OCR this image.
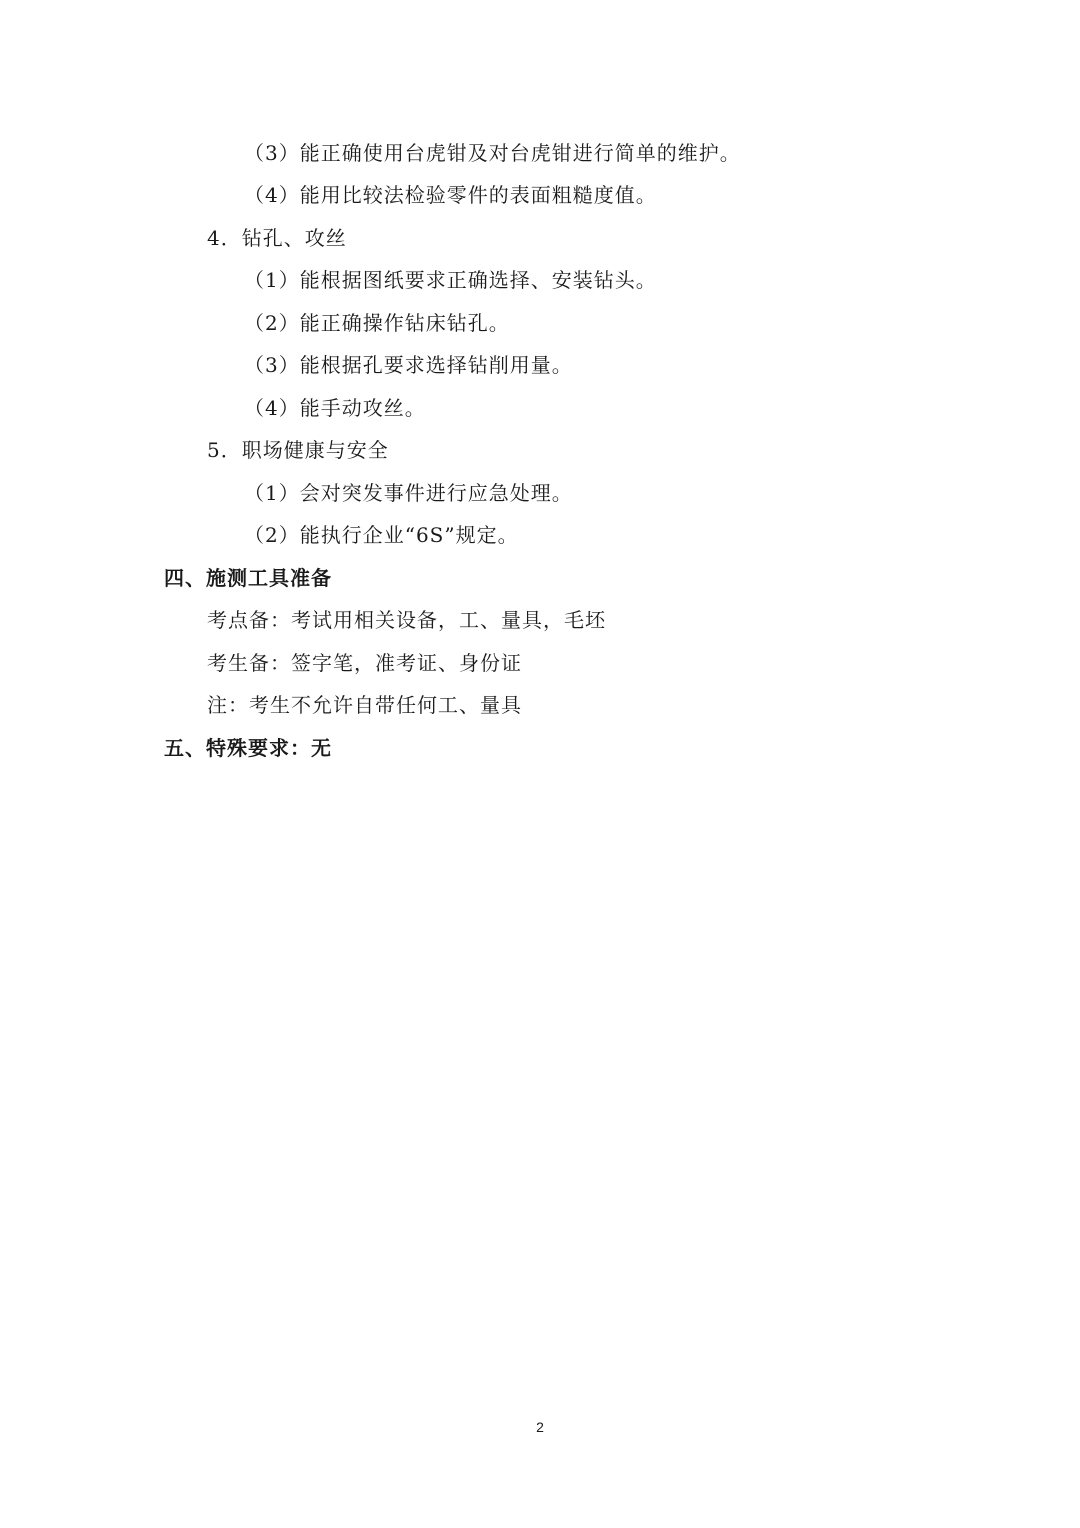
（3）能正确使用台虎钳及对台虎钳进行简单的维护。
（4）能用比较法检验零件的表面粗糙度值。
4．钻孔、攻丝
（1）能根据图纸要求正确选择、安装钻头。
（2）能正确操作钻床钻孔。
（3）能根据孔要求选择钻削用量。
（4）能手动攻丝。
5．职场健康与安全
（1）会对突发事件进行应急处理。
（2）能执行企业“6S”规定。
四、施测工具准备
考点备：考试用相关设备，工、量具，毛坯
考生备：签字笔，准考证、身份证
注：考生不允许自带任何工、量具
五、特殊要求：无
2
